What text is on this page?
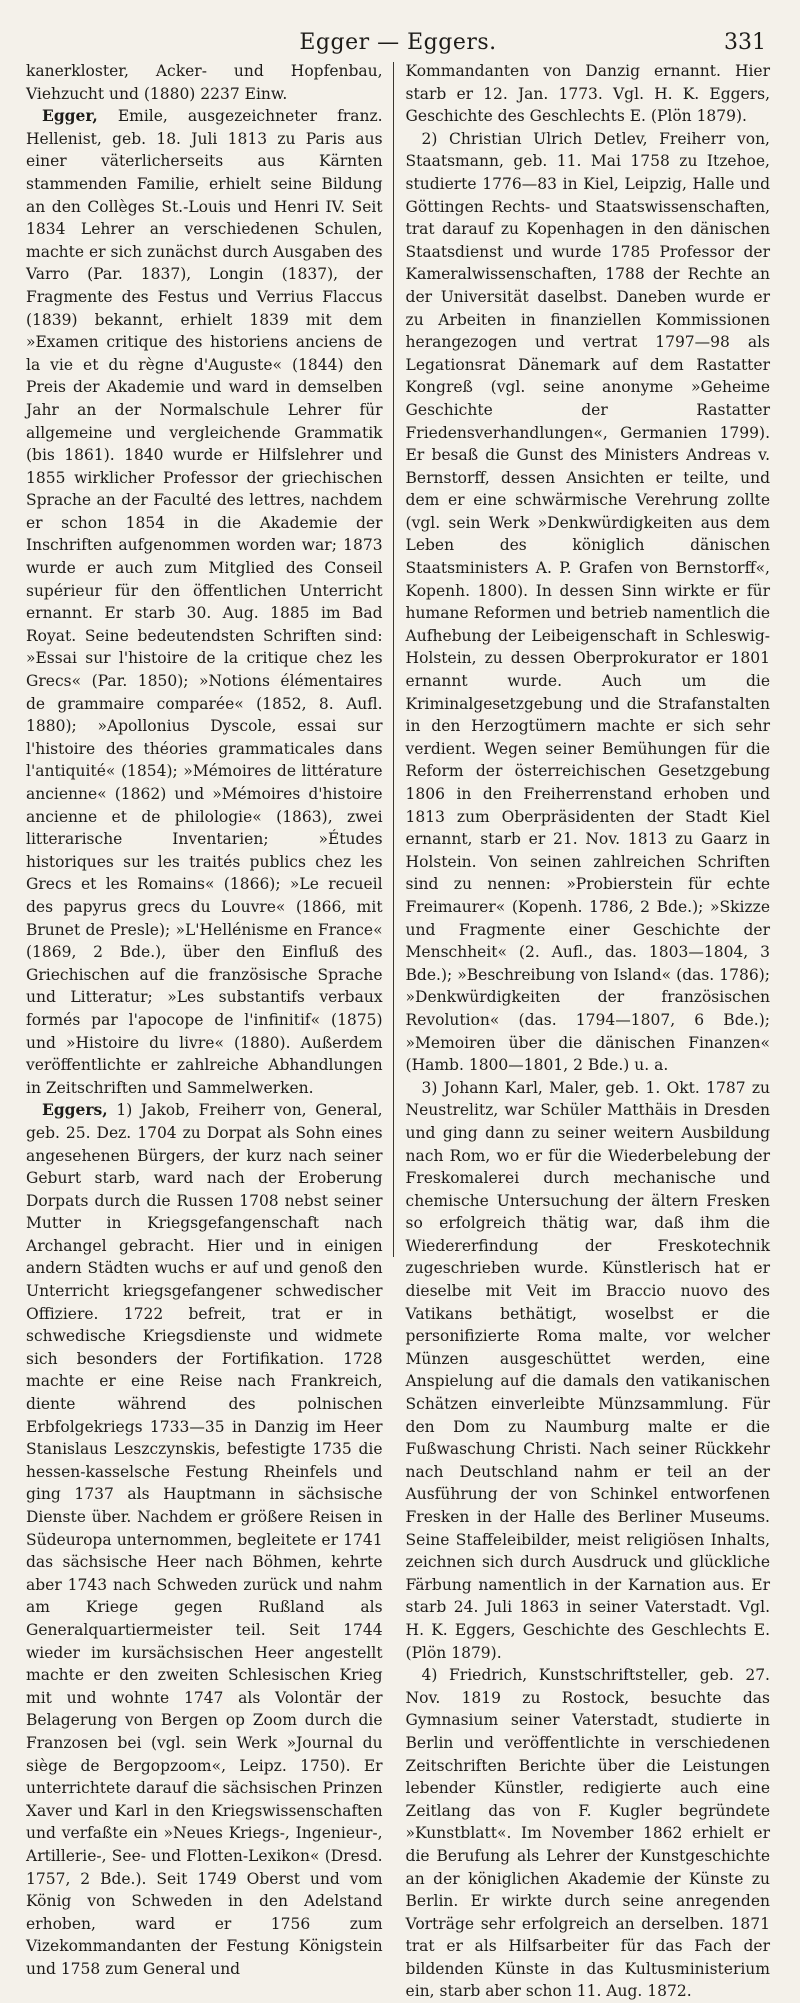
Egger — Eggers.	331

kanerkloster, Acker- und Hopfenbau, Viehzucht und (1880) 2237 Einw.

Egger, Emile, ausgezeichneter franz. Hellenist, geb. 18. Juli 1813 zu Paris aus einer väterlicherseits aus Kärnten stammenden Familie, erhielt seine Bildung an den Collèges St.-Louis und Henri IV. Seit 1834 Lehrer an verschiedenen Schulen, machte er sich zunächst durch Ausgaben des Varro (Par. 1837), Longin (1837), der Fragmente des Festus und Verrius Flaccus (1839) bekannt, erhielt 1839 mit dem »Examen critique des historiens anciens de la vie et du règne d'Auguste« (1844) den Preis der Akademie und ward in demselben Jahr an der Normalschule Lehrer für allgemeine und vergleichende Grammatik (bis 1861). 1840 wurde er Hilfslehrer und 1855 wirklicher Professor der griechischen Sprache an der Faculté des lettres, nachdem er schon 1854 in die Akademie der Inschriften aufgenommen worden war; 1873 wurde er auch zum Mitglied des Conseil supérieur für den öffentlichen Unterricht ernannt. Er starb 30. Aug. 1885 im Bad Royat. Seine bedeutendsten Schriften sind: »Essai sur l'histoire de la critique chez les Grecs« (Par. 1850); »Notions élémentaires de grammaire comparée« (1852, 8. Aufl. 1880); »Apollonius Dyscole, essai sur l'histoire des théories grammaticales dans l'antiquité« (1854); »Mémoires de littérature ancienne« (1862) und »Mémoires d'histoire ancienne et de philologie« (1863), zwei litterarische Inventarien; »Études historiques sur les traités publics chez les Grecs et les Romains« (1866); »Le recueil des papyrus grecs du Louvre« (1866, mit Brunet de Presle); »L'Hellénisme en France« (1869, 2 Bde.), über den Einfluß des Griechischen auf die französische Sprache und Litteratur; »Les substantifs verbaux formés par l'apocope de l'infinitif« (1875) und »Histoire du livre« (1880). Außerdem veröffentlichte er zahlreiche Abhandlungen in Zeitschriften und Sammelwerken.

Eggers, 1) Jakob, Freiherr von, General, geb. 25. Dez. 1704 zu Dorpat als Sohn eines angesehenen Bürgers, der kurz nach seiner Geburt starb, ward nach der Eroberung Dorpats durch die Russen 1708 nebst seiner Mutter in Kriegsgefangenschaft nach Archangel gebracht. Hier und in einigen andern Städten wuchs er auf und genoß den Unterricht kriegsgefangener schwedischer Offiziere. 1722 befreit, trat er in schwedische Kriegsdienste und widmete sich besonders der Fortifikation. 1728 machte er eine Reise nach Frankreich, diente während des polnischen Erbfolgekriegs 1733—35 in Danzig im Heer Stanislaus Leszczynskis, befestigte 1735 die hessen-kasselsche Festung Rheinfels und ging 1737 als Hauptmann in sächsische Dienste über. Nachdem er größere Reisen in Südeuropa unternommen, begleitete er 1741 das sächsische Heer nach Böhmen, kehrte aber 1743 nach Schweden zurück und nahm am Kriege gegen Rußland als Generalquartiermeister teil. Seit 1744 wieder im kursächsischen Heer angestellt machte er den zweiten Schlesischen Krieg mit und wohnte 1747 als Volontär der Belagerung von Bergen op Zoom durch die Franzosen bei (vgl. sein Werk »Journal du siège de Bergopzoom«, Leipz. 1750). Er unterrichtete darauf die sächsischen Prinzen Xaver und Karl in den Kriegswissenschaften und verfaßte ein »Neues Kriegs-, Ingenieur-, Artillerie-, See- und Flotten-Lexikon« (Dresd. 1757, 2 Bde.). Seit 1749 Oberst und vom König von Schweden in den Adelstand erhoben, ward er 1756 zum Vizekommandanten der Festung Königstein und 1758 zum General und

Kommandanten von Danzig ernannt. Hier starb er 12. Jan. 1773. Vgl. H. K. Eggers, Geschichte des Geschlechts E. (Plön 1879).

2) Christian Ulrich Detlev, Freiherr von, Staatsmann, geb. 11. Mai 1758 zu Itzehoe, studierte 1776—83 in Kiel, Leipzig, Halle und Göttingen Rechts- und Staatswissenschaften, trat darauf zu Kopenhagen in den dänischen Staatsdienst und wurde 1785 Professor der Kameralwissenschaften, 1788 der Rechte an der Universität daselbst. Daneben wurde er zu Arbeiten in finanziellen Kommissionen herangezogen und vertrat 1797—98 als Legationsrat Dänemark auf dem Rastatter Kongreß (vgl. seine anonyme »Geheime Geschichte der Rastatter Friedensverhandlungen«, Germanien 1799). Er besaß die Gunst des Ministers Andreas v. Bernstorff, dessen Ansichten er teilte, und dem er eine schwärmische Verehrung zollte (vgl. sein Werk »Denkwürdigkeiten aus dem Leben des königlich dänischen Staatsministers A. P. Grafen von Bernstorff«, Kopenh. 1800). In dessen Sinn wirkte er für humane Reformen und betrieb namentlich die Aufhebung der Leibeigenschaft in Schleswig-Holstein, zu dessen Oberprokurator er 1801 ernannt wurde. Auch um die Kriminalgesetzgebung und die Strafanstalten in den Herzogtümern machte er sich sehr verdient. Wegen seiner Bemühungen für die Reform der österreichischen Gesetzgebung 1806 in den Freiherrenstand erhoben und 1813 zum Oberpräsidenten der Stadt Kiel ernannt, starb er 21. Nov. 1813 zu Gaarz in Holstein. Von seinen zahlreichen Schriften sind zu nennen: »Probierstein für echte Freimaurer« (Kopenh. 1786, 2 Bde.); »Skizze und Fragmente einer Geschichte der Menschheit« (2. Aufl., das. 1803—1804, 3 Bde.); »Beschreibung von Island« (das. 1786); »Denkwürdigkeiten der französischen Revolution« (das. 1794—1807, 6 Bde.); »Memoiren über die dänischen Finanzen« (Hamb. 1800—1801, 2 Bde.) u. a.

3) Johann Karl, Maler, geb. 1. Okt. 1787 zu Neustrelitz, war Schüler Matthäis in Dresden und ging dann zu seiner weitern Ausbildung nach Rom, wo er für die Wiederbelebung der Freskomalerei durch mechanische und chemische Untersuchung der ältern Fresken so erfolgreich thätig war, daß ihm die Wiedererfindung der Freskotechnik zugeschrieben wurde. Künstlerisch hat er dieselbe mit Veit im Braccio nuovo des Vatikans bethätigt, woselbst er die personifizierte Roma malte, vor welcher Münzen ausgeschüttet werden, eine Anspielung auf die damals den vatikanischen Schätzen einverleibte Münzsammlung. Für den Dom zu Naumburg malte er die Fußwaschung Christi. Nach seiner Rückkehr nach Deutschland nahm er teil an der Ausführung der von Schinkel entworfenen Fresken in der Halle des Berliner Museums. Seine Staffeleibilder, meist religiösen Inhalts, zeichnen sich durch Ausdruck und glückliche Färbung namentlich in der Karnation aus. Er starb 24. Juli 1863 in seiner Vaterstadt. Vgl. H. K. Eggers, Geschichte des Geschlechts E. (Plön 1879).

4) Friedrich, Kunstschriftsteller, geb. 27. Nov. 1819 zu Rostock, besuchte das Gymnasium seiner Vaterstadt, studierte in Berlin und veröffentlichte in verschiedenen Zeitschriften Berichte über die Leistungen lebender Künstler, redigierte auch eine Zeitlang das von F. Kugler begründete »Kunstblatt«. Im November 1862 erhielt er die Berufung als Lehrer der Kunstgeschichte an der königlichen Akademie der Künste zu Berlin. Er wirkte durch seine anregenden Vorträge sehr erfolgreich an derselben. 1871 trat er als Hilfsarbeiter für das Fach der bildenden Künste in das Kultusministerium ein, starb aber schon 11. Aug. 1872.
